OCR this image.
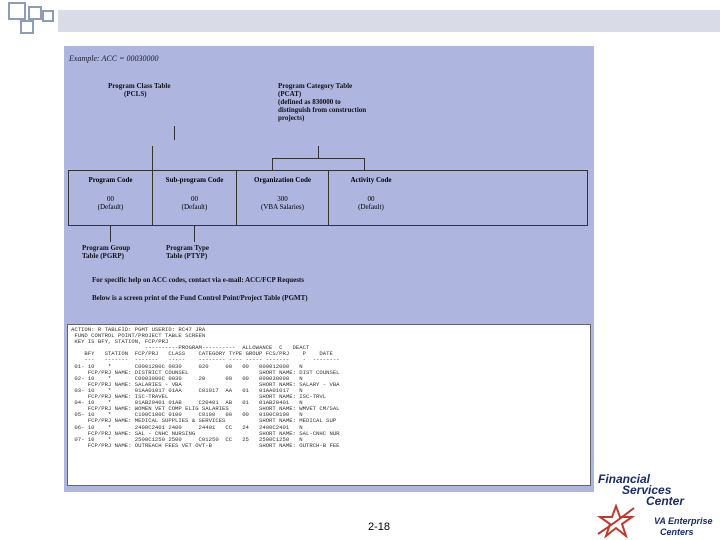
Example: ACC = 00030000
Program Class Table
(PCLS)
Program Category Table
(PCAT)
(defined as 830000 to
distinguish from construction
projects)
Program Code
00
(Default)
Sub-program Code
00
(Default)
Organization Code
300
(VBA Salaries)
Activity Code
00
(Default)
Program Group
Table (PGRP)
Program Type
Table (PTYP)
For specific help on ACC codes, contact via e-mail: ACC/FCP Requests
Below is a screen print of the Fund Control Point/Project Table (PGMT)
ACTION: R TABLEID: PGMT USERID: RC47 JRA
FUND CONTROL POINT/PROJECT TABLE SCREEN
KEY IS BFY, STATION, FCP/PRJ
----------PROGRAM----------  ALLOWANCE  C   DEACT
BFY   STATION  FCP/PRJ   CLASS    CATEGORY TYPE GROUP FCS/PRJ    P    DATE
---   -------  -------   -----    -------- ---- ----- -------    -  --------
01- 10    *       C0001200C 0030     020     00   00   000012000   N
FCP/PRJ NAME: DISTRICT COUNSEL                     SHORT NAME: DIST COUNSEL
02- 10    *       C0003000C 0030     20      00   00   000030000   N
FCP/PRJ NAME: SALARIES - VBA                       SHORT NAME: SALARY - VBA
03- 10    *       01AA01017 01AA     C01017  AA   01   01AA01017   N
FCP/PRJ NAME: ISC-TRAVEL                           SHORT NAME: ISC-TRVL
04- 10    *       01AB20401 01AB     C20401  AB   01   01AB20401   N
FCP/PRJ NAME: WOMEN VET COMP ELIG SALARIES         SHORT NAME: WMVET CM/SAL
05- 10    *       C100C100C 0100     C0100   00   00   0100C0100   N
FCP/PRJ NAME: MEDICAL SUPPLIES & SERVICES          SHORT NAME: MEDICAL SUP
06- 10    *       2400C2401 2400     24401   CC   24   2400C2401   N
FCP/PRJ NAME: SAL - CNHC NURSING                   SHORT NAME: SAL-CNHC NUR
07- 10    *       2500C1250 2500     C01250  CC   25   2500C1250   N
FCP/PRJ NAME: OUTREACH FEES VET OVT-B              SHORT NAME: OUTRCH-B FEE
2-18
Financial
Services
Center
VA Enterprise
Centers
